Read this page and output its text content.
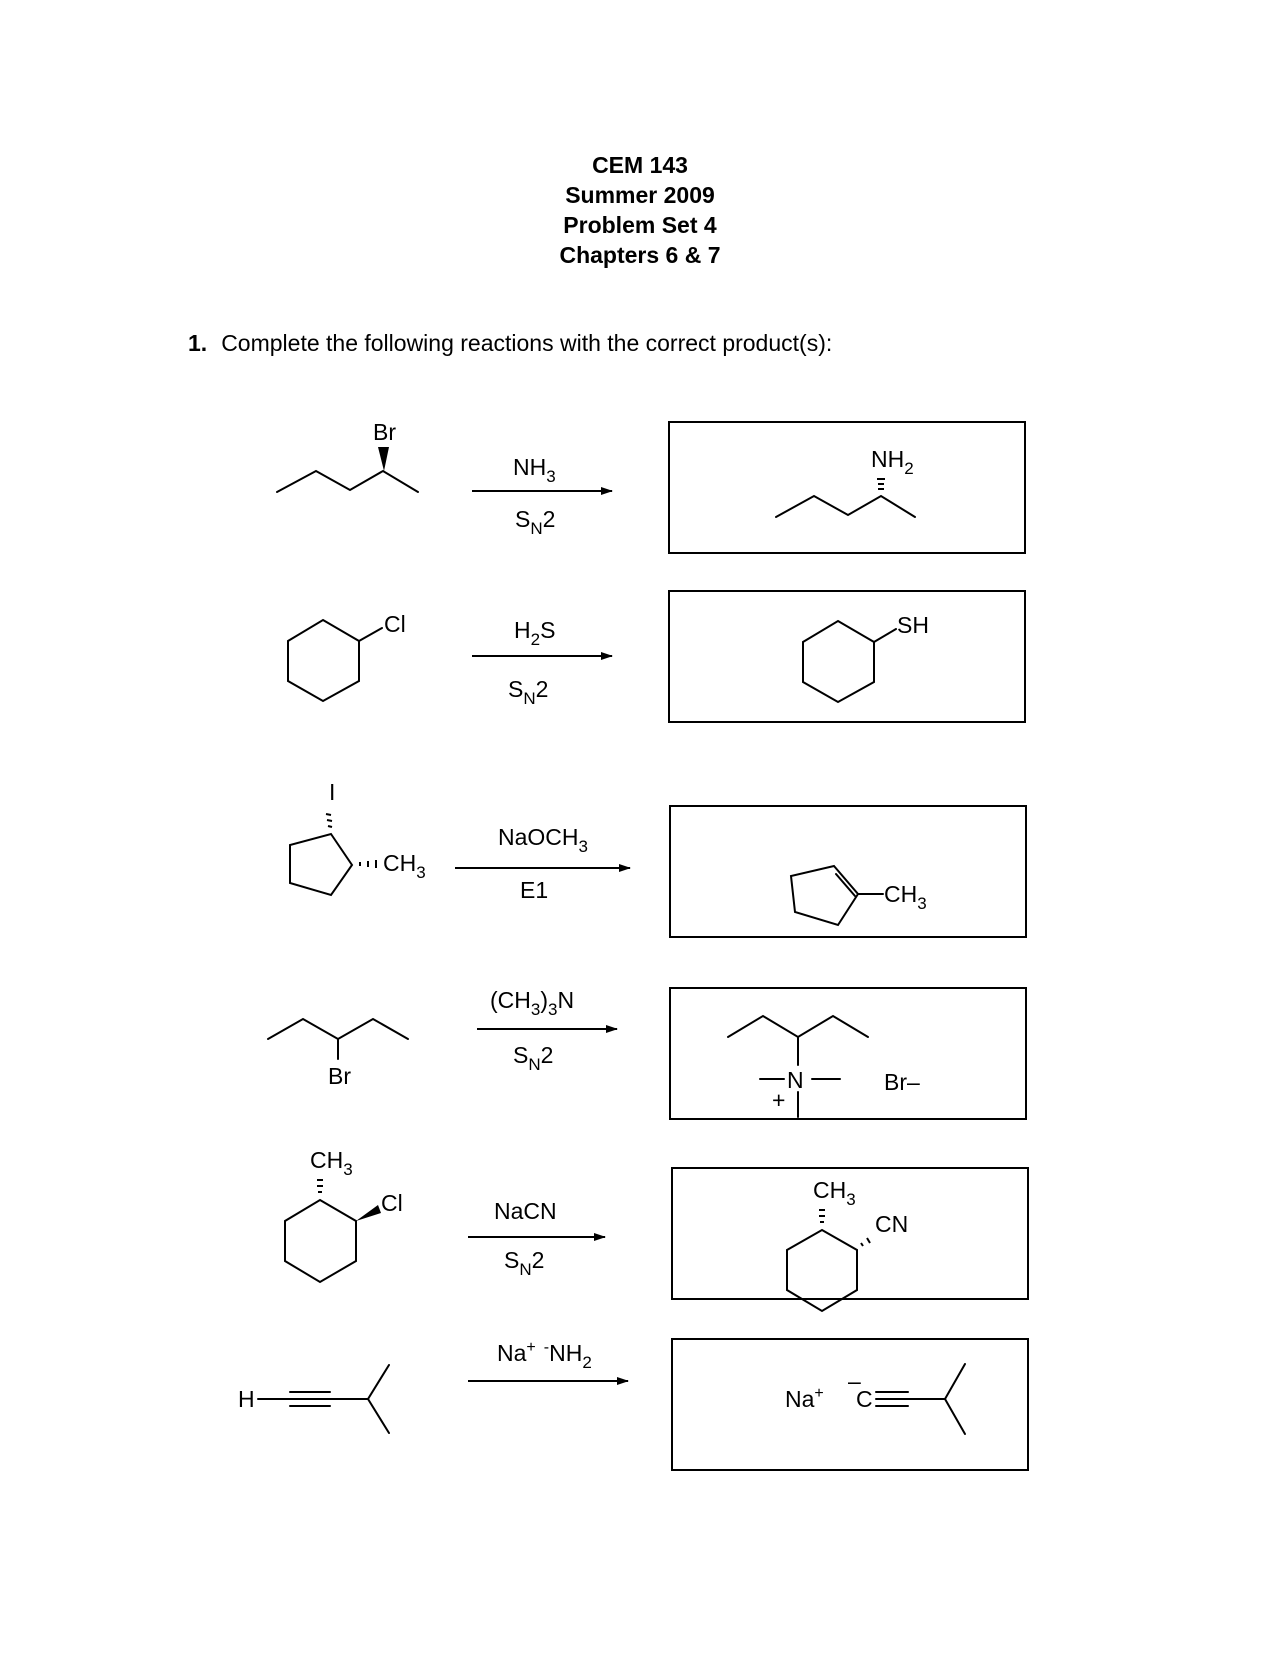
CEM 143
Summer 2009
Problem Set 4
Chapters 6 & 7
1. Complete the following reactions with the correct product(s):
Br
$NH_3$
$S_N2$
$NH_2$
Cl	$H_2S$
$S_N2$
SH
I
$CH_3$
NaOCH$_3$
E1	$CH_3$
Br
$(CH_3)_3N$
$S_N2$
N
+
Br–
$CH_3$
Cl	NaCN
$S_N2$
$CH_3$
CN
H
Na+ $-NH_2$
Na+ –
C
